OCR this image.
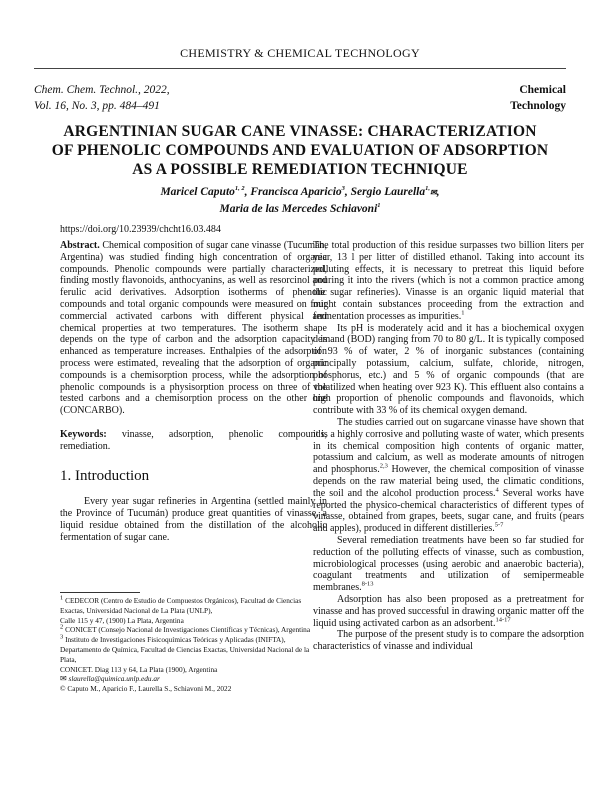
CHEMISTRY & CHEMICAL TECHNOLOGY
Chem. Chem. Technol., 2022,
Vol. 16, No. 3, pp. 484–491
Chemical
Technology
ARGENTINIAN SUGAR CANE VINASSE: CHARACTERIZATION
OF PHENOLIC COMPOUNDS AND EVALUATION OF ADSORPTION
AS A POSSIBLE REMEDIATION TECHNIQUE
Maricel Caputo$^{1, 2}$, Francisca Aparicio$^3$, Sergio Laurella$^{1,}$✉,
Maria de las Mercedes Schiavoni$^1$
https://doi.org/10.23939/chcht16.03.484

Abstract. Chemical composition of sugar cane vinasse (Tucumán, Argentina) was studied finding high concentration of organic compounds. Phenolic compounds were partially characterized, finding mostly flavonoids, anthocyanins, as well as resorcinol and ferulic acid derivatives. Adsorption isotherms of phenolic compounds and total organic compounds were measured on four commercial activated carbons with different physical and chemical properties at two temperatures. The isotherm shape depends on the type of carbon and the adsorption capacity is enhanced as temperature increases. Enthalpies of the adsorption process were estimated, revealing that the adsorption of organic compounds is a chemisorption process, while the adsorption of phenolic compounds is a physisorption process on three of the tested carbons and a chemisorption process on the other one (CONCARBO).

Keywords: vinasse, adsorption, phenolic compounds, remediation.

1. Introduction

Every year sugar refineries in Argentina (settled mainly in the Province of Tucumán) produce great quantities of vinasse, a liquid residue obtained from the distillation of the alcoholic fermentation of sugar cane.

$^1$ CEDECOR (Centro de Estudio de Compuestos Orgánicos), Facultad de Ciencias Exactas, Universidad Nacional de La Plata (UNLP),
Calle 115 y 47, (1900) La Plata, Argentina
$^2$ CONICET (Consejo Nacional de Investigaciones Científicas y Técnicas), Argentina
$^3$ Instituto de Investigaciones Fisicoquímicas Teóricas y Aplicadas (INIFTA),
Departamento de Química, Facultad de Ciencias Exactas, Universidad Nacional de la Plata,
CONICET. Diag 113 y 64, La Plata (1900), Argentina
✉ slaurella@quimica.unlp.edu.ar
© Caputo M., Aparicio F., Laurella S., Schiavoni M., 2022

The total production of this residue surpasses two billion liters per year, 13 l per litter of distilled ethanol. Taking into account its polluting effects, it is necessary to pretreat this liquid before pouring it into the rivers (which is not a common practice among the sugar refineries). Vinasse is an organic liquid material that might contain substances proceeding from the extraction and fermentation processes as impurities.$^1$

Its pH is moderately acid and it has a biochemical oxygen demand (BOD) ranging from 70 to 80 g/L. It is typically composed of 93 % of water, 2 % of inorganic substances (containing principally potassium, calcium, sulfate, chloride, nitrogen, phosphorus, etc.) and 5 % of organic compounds (that are volatilized when heating over 923 K). This effluent also contains a high proportion of phenolic compounds and flavonoids, which contribute with 33 % of its chemical oxygen demand.

The studies carried out on sugarcane vinasse have shown that it is a highly corrosive and polluting waste of water, which presents in its chemical composition high contents of organic matter, potassium and calcium, as well as moderate amounts of nitrogen and phosphorus.$^{2,3}$ However, the chemical composition of vinasse depends on the raw material being used, the climatic conditions, the soil and the alcohol production process.$^4$ Several works have reported the physico-chemical characteristics of different types of vinasse, obtained from grapes, beets, sugar cane, and fruits (pears and apples), produced in different distilleries.$^{5-7}$

Several remediation treatments have been so far studied for reduction of the polluting effects of vinasse, such as combustion, microbiological processes (using aerobic and anaerobic bacteria), coagulant treatments and utilization of semipermeable membranes.$^{8-13}$

Adsorption has also been proposed as a pretreatment for vinasse and has proved successful in drawing organic matter off the liquid using activated carbon as an adsorbent.$^{14-17}$

The purpose of the present study is to compare the adsorption characteristics of vinasse and individual
